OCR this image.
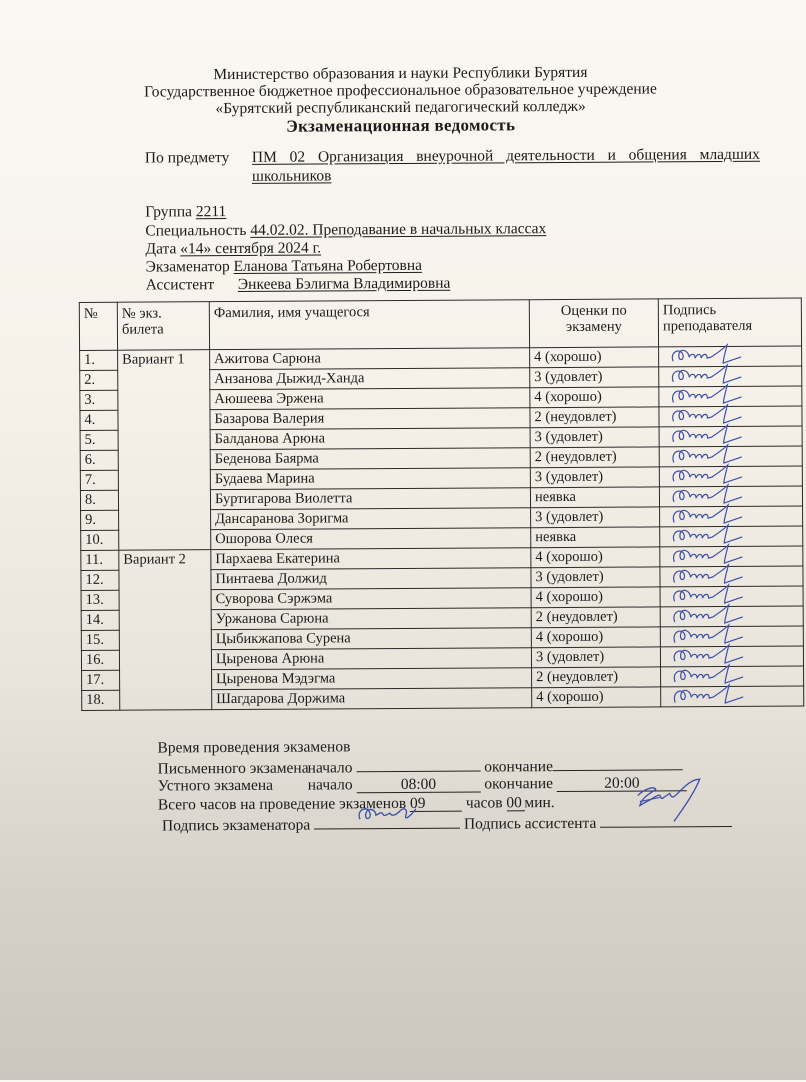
Министерство образования и науки Республики Бурятия
Государственное бюджетное профессиональное образовательное учреждение
«Бурятский республиканский педагогический колледж»
Экзаменационная ведомость
По предмету ПМ 02 Организация внеурочной деятельности и общения младших школьников
Группа 2211
Специальность 44.02.02. Преподавание в начальных классах
Дата «14» сентября 2024 г.
Экзаменатор Еланова Татьяна Робертовна
Ассистент Энкеева Бэлигма Владимировна
№	№ экз. билета	Фамилия, имя учащегося	Оценки по экзамену	Подпись преподавателя
1.	Вариант 1	Ажитова Сарюна	4 (хорошо)	

2.		Анзанова Дыжид-Ханда	3 (удовлет)	

3.		Аюшеева Эржена	4 (хорошо)	

4.		Базарова Валерия	2 (неудовлет)	

5.		Балданова Арюна	3 (удовлет)	

6.		Беденова Баярма	2 (неудовлет)	

7.		Будаева Марина	3 (удовлет)	

8.		Буртигарова Виолетта	неявка	

9.		Дансаранова Зоригма	3 (удовлет)	

10.		Ошорова Олеся	неявка	

11.	Вариант 2	Пархаева Екатерина	4 (хорошо)	

12.		Пинтаева Должид	3 (удовлет)	

13.		Суворова Сэржэма	4 (хорошо)	

14.		Уржанова Сарюна	2 (неудовлет)	

15.		Цыбикжапова Сурена	4 (хорошо)	

16.		Цыренова Арюна	3 (удовлет)	

17.		Цыренова Мэдэгма	2 (неудовлет)	

18.		Шагдарова Доржима	4 (хорошо)	
Время проведения экзаменов
Письменного экзаменаначало	окончание
Устного экзамена начало	08:00	окончание	20:00
Всего часов на проведение экзаменов 09	часов 00 мин.
Подпись экзаменатора	Подпись ассистента
